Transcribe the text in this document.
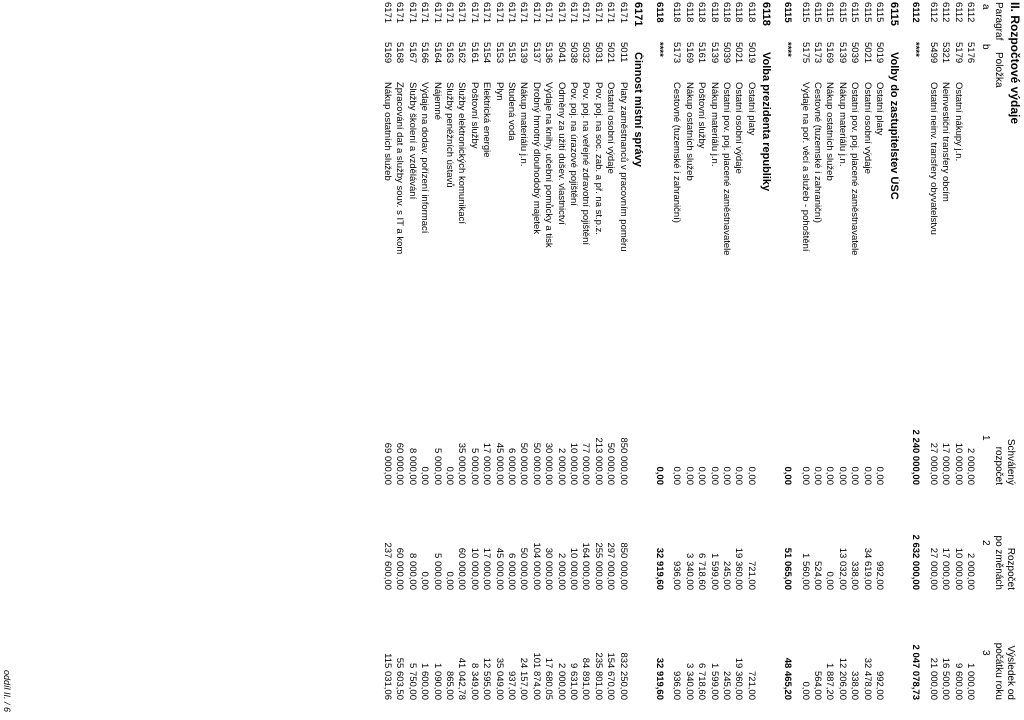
II. Rozpočtové výdaje
Paragraf
Položka
Schválený
rozpočet
Rozpočet
po změnách
Výsledek od
počátku roku
a
b
1
2
3
6112
5176
2 000,00
2 000,00
1 000,00
6112
5179
Ostatní nákupy j.n.
10 000,00
10 000,00
9 600,00
6112
5321
Neinvestiční transfery obcím
17 000,00
17 000,00
16 500,00
6112
5499
Ostatní neinv. transfery obyvatelstvu
27 000,00
27 000,00
21 000,00
6112
****
2 240 000,00
2 632 000,00
2 047 078,73
6115
Volby do zastupitelstev ÚSC
6115
5019
Ostatní platy
0,00
992,00
992,00
6115
5021
Ostatní osobní výdaje
0,00
34 619,00
32 478,00
6115
5039
Ostatní pov. poj. placené zaměstnavatele
0,00
338,00
338,00
6115
5139
Nákup materiálu j.n.
0,00
13 032,00
12 206,00
6115
5169
Nákup ostatních služeb
0,00
0,00
1 887,20
6115
5173
Cestovné (tuzemské i zahraniční)
0,00
524,00
564,00
6115
5175
Výdaje na poř. věcí a služeb - pohoštění
0,00
1 560,00
0,00
6115
****
0,00
51 065,00
48 465,20
6118
Volba prezidenta republiky
6118
5019
Ostatní platy
0,00
721,00
721,00
6118
5021
Ostatní osobní výdaje
0,00
19 360,00
19 360,00
6118
5039
Ostatní pov. poj. placené zaměstnavatele
0,00
245,00
245,00
6118
5139
Nákup materiálu j.n.
0,00
1 599,00
1 599,00
6118
5161
Poštovní služby
0,00
6 718,60
6 718,60
6118
5169
Nákup ostatních služeb
0,00
3 340,00
3 340,00
6118
5173
Cestovné (tuzemské i zahraniční)
0,00
936,00
936,00
6118
****
0,00
32 919,60
32 919,60
6171
Činnost místní správy
6171
5011
Platy zaměstnanců v pracovním poměru
850 000,00
850 000,00
832 250,00
6171
5021
Ostatní osobní výdaje
50 000,00
297 000,00
154 670,00
6171
5031
Pov. poj. na soc. zab. a př. na st.p.z.
213 000,00
255 000,00
235 801,00
6171
5032
Pov. poj. na veřejné zdravotní pojištění
77 000,00
164 000,00
84 891,00
6171
5038
Pov. poj. na úrazové pojištění
10 000,00
10 000,00
9 631,00
6171
5041
Odměny za užití dušev. vlastnictví
2 000,00
2 000,00
2 000,00
6171
5136
Výdaje na knihy, učební pomůcky a tisk
30 000,00
30 000,00
17 680,05
6171
5137
Drobný hmotný dlouhodobý majetek
50 000,00
104 000,00
101 874,00
6171
5139
Nákup materiálu j.n.
50 000,00
50 000,00
24 157,00
6171
5151
Studená voda
6 000,00
6 000,00
937,00
6171
5153
Plyn
45 000,00
45 000,00
35 049,00
6171
5154
Elektrická energie
17 000,00
17 000,00
12 595,00
6171
5161
Poštovní služby
5 000,00
10 000,00
8 349,00
6171
5162
Služby elektronických komunikací
35 000,00
60 000,00
41 042,78
6171
5163
Služby peněžních ústavů
0,00
0,00
865,00
6171
5164
Nájemné
5 000,00
5 000,00
1 090,00
6171
5166
Výdaje na dodav. pořízení informací
0,00
0,00
1 600,00
6171
5167
Služby školení a vzdělávání
8 000,00
8 000,00
5 750,00
6171
5168
Zpracování dat a služby souv. s IT a kom
60 000,00
60 000,00
55 603,50
6171
5169
Nákup ostatních služeb
69 000,00
237 600,00
115 031,06
oddíl II. / 6
